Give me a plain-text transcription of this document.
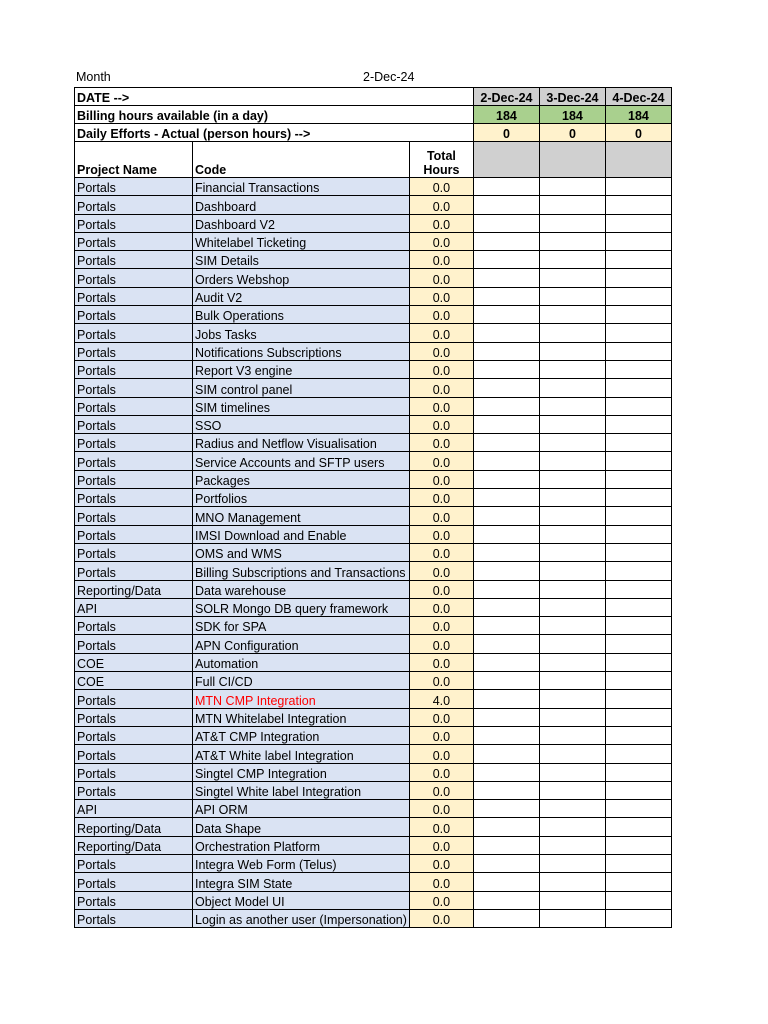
Month	2-Dec-24
DATE -->			2-Dec-24	3-Dec-24	4-Dec-24
Billing hours available (in a day)			184	184	184
Daily Efforts - Actual (person hours) -->			0	0	0
Project Name	Code	Total Hours			
Portals	Financial Transactions	0.0			
Portals	Dashboard	0.0			
Portals	Dashboard V2	0.0			
Portals	Whitelabel Ticketing	0.0			
Portals	SIM Details	0.0			
Portals	Orders Webshop	0.0			
Portals	Audit V2	0.0			
Portals	Bulk Operations	0.0			
Portals	Jobs Tasks	0.0			
Portals	Notifications Subscriptions	0.0			
Portals	Report V3 engine	0.0			
Portals	SIM control panel	0.0			
Portals	SIM timelines	0.0			
Portals	SSO	0.0			
Portals	Radius and Netflow Visualisation	0.0			
Portals	Service Accounts and SFTP users	0.0			
Portals	Packages	0.0			
Portals	Portfolios	0.0			
Portals	MNO Management	0.0			
Portals	IMSI Download and Enable	0.0			
Portals	OMS and WMS	0.0			
Portals	Billing Subscriptions and Transactions	0.0			
Reporting/Data	Data warehouse	0.0			
API	SOLR Mongo DB query framework	0.0			
Portals	SDK for SPA	0.0			
Portals	APN Configuration	0.0			
COE	Automation	0.0			
COE	Full CI/CD	0.0			
Portals	MTN CMP Integration	4.0			
Portals	MTN Whitelabel Integration	0.0			
Portals	AT&T CMP Integration	0.0			
Portals	AT&T White label Integration	0.0			
Portals	Singtel CMP Integration	0.0			
Portals	Singtel White label Integration	0.0			
API	API ORM	0.0			
Reporting/Data	Data Shape	0.0			
Reporting/Data	Orchestration Platform	0.0			
Portals	Integra Web Form (Telus)	0.0			
Portals	Integra SIM State	0.0			
Portals	Object Model UI	0.0			
Portals	Login as another user (Impersonation)	0.0			
